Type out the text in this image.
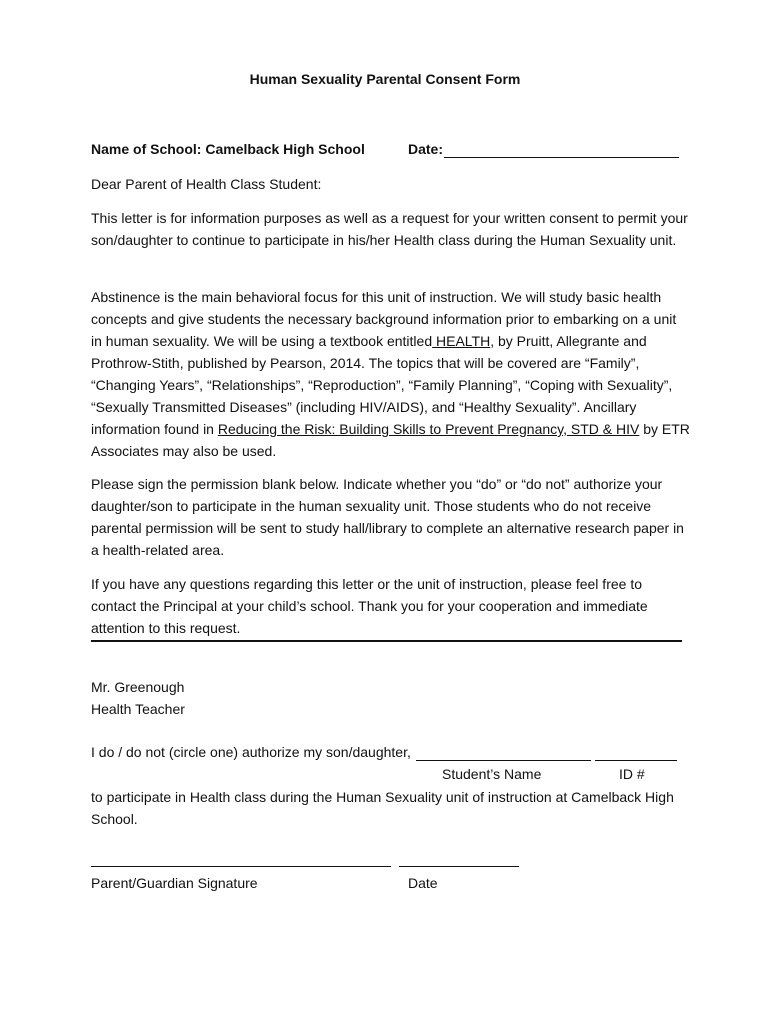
Human Sexuality Parental Consent Form
Name of School: Camelback High School	Date:
Dear Parent of Health Class Student:
This letter is for information purposes as well as a request for your written consent to permit your son/daughter to continue to participate in his/her Health class during the Human Sexuality unit.
Abstinence is the main behavioral focus for this unit of instruction. We will study basic health concepts and give students the necessary background information prior to embarking on a unit in human sexuality. We will be using a textbook entitled HEALTH, by Pruitt, Allegrante and Prothrow-Stith, published by Pearson, 2014. The topics that will be covered are “Family”, “Changing Years”, “Relationships”, “Reproduction”, “Family Planning”, “Coping with Sexuality”, “Sexually Transmitted Diseases” (including HIV/AIDS), and “Healthy Sexuality”. Ancillary information found in Reducing the Risk: Building Skills to Prevent Pregnancy, STD & HIV by ETR Associates may also be used.
Please sign the permission blank below. Indicate whether you “do” or “do not” authorize your daughter/son to participate in the human sexuality unit. Those students who do not receive parental permission will be sent to study hall/library to complete an alternative research paper in a health-related area.
If you have any questions regarding this letter or the unit of instruction, please feel free to contact the Principal at your child’s school. Thank you for your cooperation and immediate attention to this request.
Mr. Greenough
Health Teacher
I do / do not (circle one) authorize my son/daughter,
Student’s Name	ID #
to participate in Health class during the Human Sexuality unit of instruction at Camelback High School.
Parent/Guardian Signature	Date
